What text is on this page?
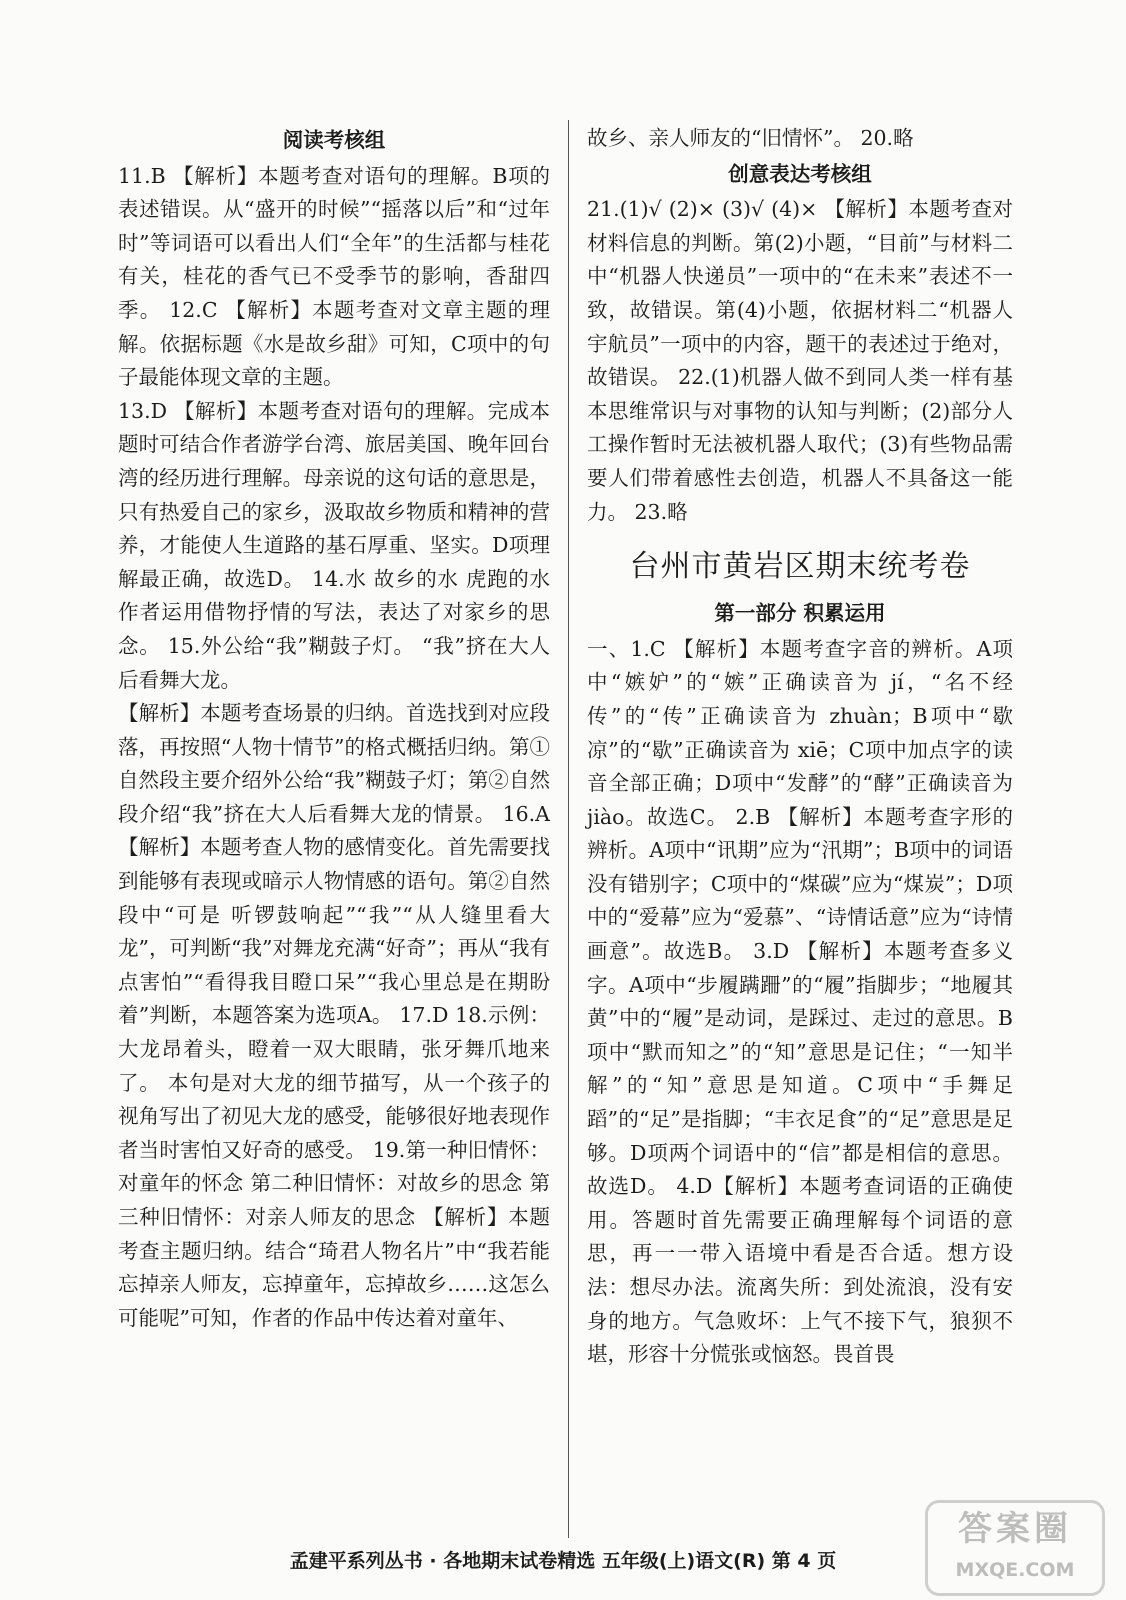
阅读考核组

11.B 【解析】本题考查对语句的理解。B项的表述错误。从“盛开的时候”“摇落以后”和“过年时”等词语可以看出人们“全年”的生活都与桂花有关，桂花的香气已不受季节的影响，香甜四季。 12.C 【解析】本题考查对文章主题的理解。依据标题《水是故乡甜》可知，C项中的句子最能体现文章的主题。

13.D 【解析】本题考查对语句的理解。完成本题时可结合作者游学台湾、旅居美国、晚年回台湾的经历进行理解。母亲说的这句话的意思是，只有热爱自己的家乡，汲取故乡物质和精神的营养，才能使人生道路的基石厚重、坚实。D项理解最正确，故选D。 14.水 故乡的水 虎跑的水 作者运用借物抒情的写法，表达了对家乡的思念。 15.外公给“我”糊鼓子灯。 “我”挤在大人后看舞大龙。

【解析】本题考查场景的归纳。首选找到对应段落，再按照“人物十情节”的格式概括归纳。第①自然段主要介绍外公给“我”糊鼓子灯；第②自然段介绍“我”挤在大人后看舞大龙的情景。 16.A 【解析】本题考查人物的感情变化。首先需要找到能够有表现或暗示人物情感的语句。第②自然段中“可是 听锣鼓响起”“我”“从人缝里看大龙”，可判断“我”对舞龙充满“好奇”；再从“我有点害怕”“看得我目瞪口呆”“我心里总是在期盼着”判断，本题答案为选项A。 17.D 18.示例：大龙昂着头，瞪着一双大眼睛，张牙舞爪地来了。 本句是对大龙的细节描写，从一个孩子的视角写出了初见大龙的感受，能够很好地表现作者当时害怕又好奇的感受。 19.第一种旧情怀：对童年的怀念 第二种旧情怀：对故乡的思念 第三种旧情怀：对亲人师友的思念 【解析】本题考查主题归纳。结合“琦君人物名片”中“我若能忘掉亲人师友，忘掉童年，忘掉故乡……这怎么可能呢”可知，作者的作品中传达着对童年、

故乡、亲人师友的“旧情怀”。 20.略

创意表达考核组

21.(1)√ (2)× (3)√ (4)× 【解析】本题考查对材料信息的判断。第(2)小题，“目前”与材料二中“机器人快递员”一项中的“在未来”表述不一致，故错误。第(4)小题，依据材料二“机器人宇航员”一项中的内容，题干的表述过于绝对，故错误。 22.(1)机器人做不到同人类一样有基本思维常识与对事物的认知与判断；(2)部分人工操作暂时无法被机器人取代；(3)有些物品需要人们带着感性去创造，机器人不具备这一能力。 23.略

台州市黄岩区期末统考卷
第一部分 积累运用

一、1.C 【解析】本题考查字音的辨析。A项中“嫉妒”的“嫉”正确读音为 jí，“名不经传”的“传”正确读音为 zhuàn；B项中“歇凉”的“歇”正确读音为 xiē；C项中加点字的读音全部正确；D项中“发酵”的“酵”正确读音为 jiào。故选C。 2.B 【解析】本题考查字形的辨析。A项中“讯期”应为“汛期”；B项中的词语没有错别字；C项中的“煤碳”应为“煤炭”；D项中的“爱幕”应为“爱慕”、“诗情话意”应为“诗情画意”。故选B。 3.D 【解析】本题考查多义字。A项中“步履蹒跚”的“履”指脚步；“地履其黄”中的“履”是动词，是踩过、走过的意思。B项中“默而知之”的“知”意思是记住；“一知半解”的“知”意思是知道。C项中“手舞足蹈”的“足”是指脚；“丰衣足食”的“足”意思是足够。D项两个词语中的“信”都是相信的意思。故选D。 4.D【解析】本题考查词语的正确使用。答题时首先需要正确理解每个词语的意思，再一一带入语境中看是否合适。想方设法：想尽办法。流离失所：到处流浪，没有安身的地方。气急败坏：上气不接下气，狼狈不堪，形容十分慌张或恼怒。畏首畏

孟建平系列丛书 · 各地期末试卷精选 五年级(上)语文(R) 第 4 页
答案圈
MXQE.COM
